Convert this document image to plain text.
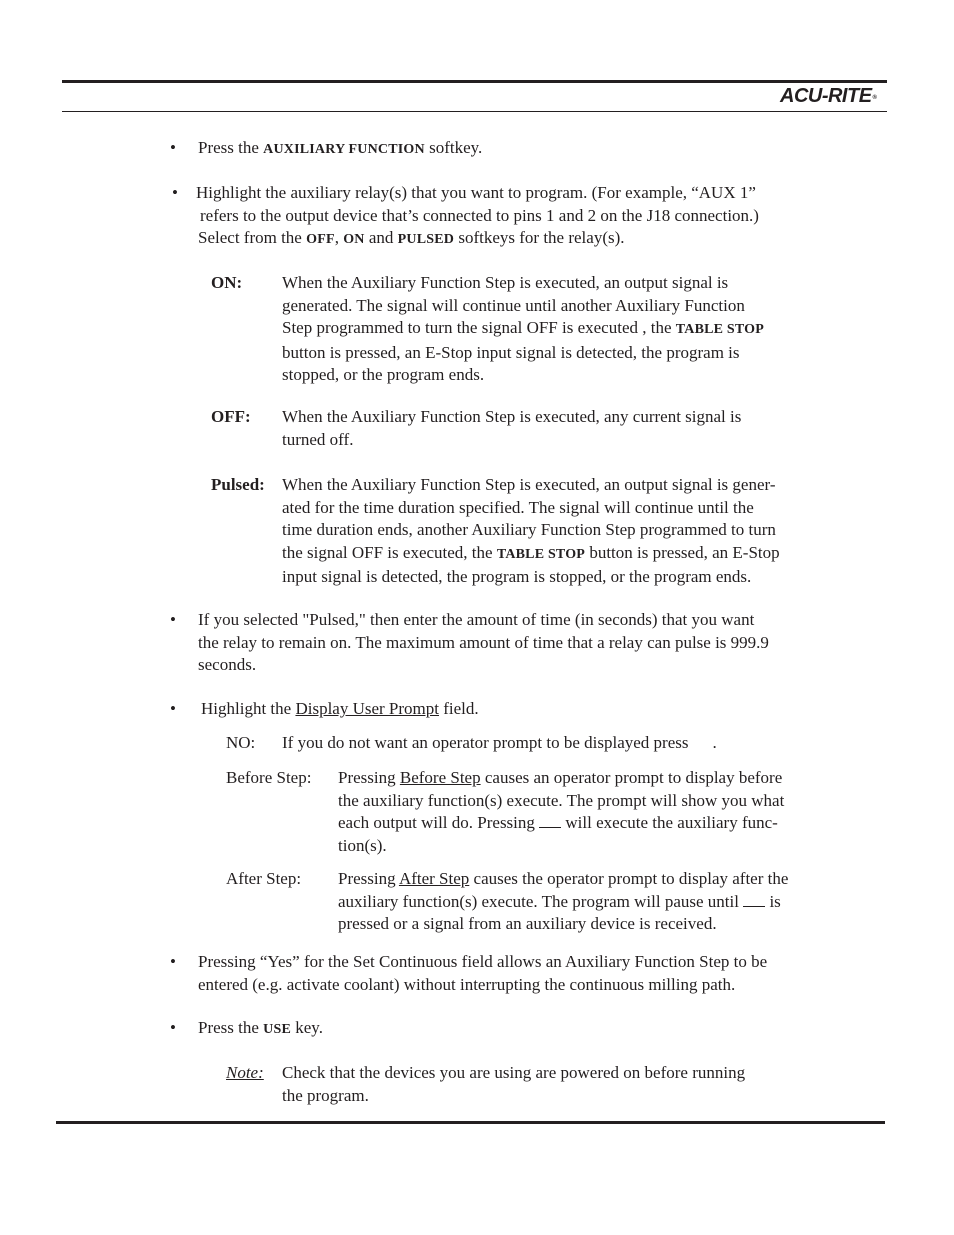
ACU-RITE®
• Press the AUXILIARY FUNCTION softkey.
• Highlight the auxiliary relay(s) that you want to program. (For example, “AUX 1”

refers to the output device that’s connected to pins 1 and 2 on the J18 connection.)

Select from the OFF, ON and PULSED softkeys for the relay(s).

ON: When the Auxiliary Function Step is executed, an output signal is

generated. The signal will continue until another Auxiliary Function

Step programmed to turn the signal OFF is executed , the TABLE STOP

button is pressed, an E-Stop input signal is detected, the program is

stopped, or the program ends.

OFF: When the Auxiliary Function Step is executed, any current signal is

turned off.

Pulsed: When the Auxiliary Function Step is executed, an output signal is gener-

ated for the time duration specified. The signal will continue until the

time duration ends, another Auxiliary Function Step programmed to turn

the signal OFF is executed, the TABLE STOP button is pressed, an E-Stop

input signal is detected, the program is stopped, or the program ends.

• If you selected "Pulsed," then enter the amount of time (in seconds) that you want

the relay to remain on. The maximum amount of time that a relay can pulse is 999.9

seconds.

• Highlight the Display User Prompt field.
NO: If you do not want an operator prompt to be displayed press .
Before Step: Pressing Before Step causes an operator prompt to display before

the auxiliary function(s) execute. The prompt will show you what

each output will do. Pressing  will execute the auxiliary func-

tion(s).

After Step: Pressing After Step causes the operator prompt to display after the

auxiliary function(s) execute. The program will pause until  is

pressed or a signal from an auxiliary device is received.

• Pressing “Yes” for the Set Continuous field allows an Auxiliary Function Step to be

entered (e.g. activate coolant) without interrupting the continuous milling path.

• Press the USE key.
Note: Check that the devices you are using are powered on before running

the program.
